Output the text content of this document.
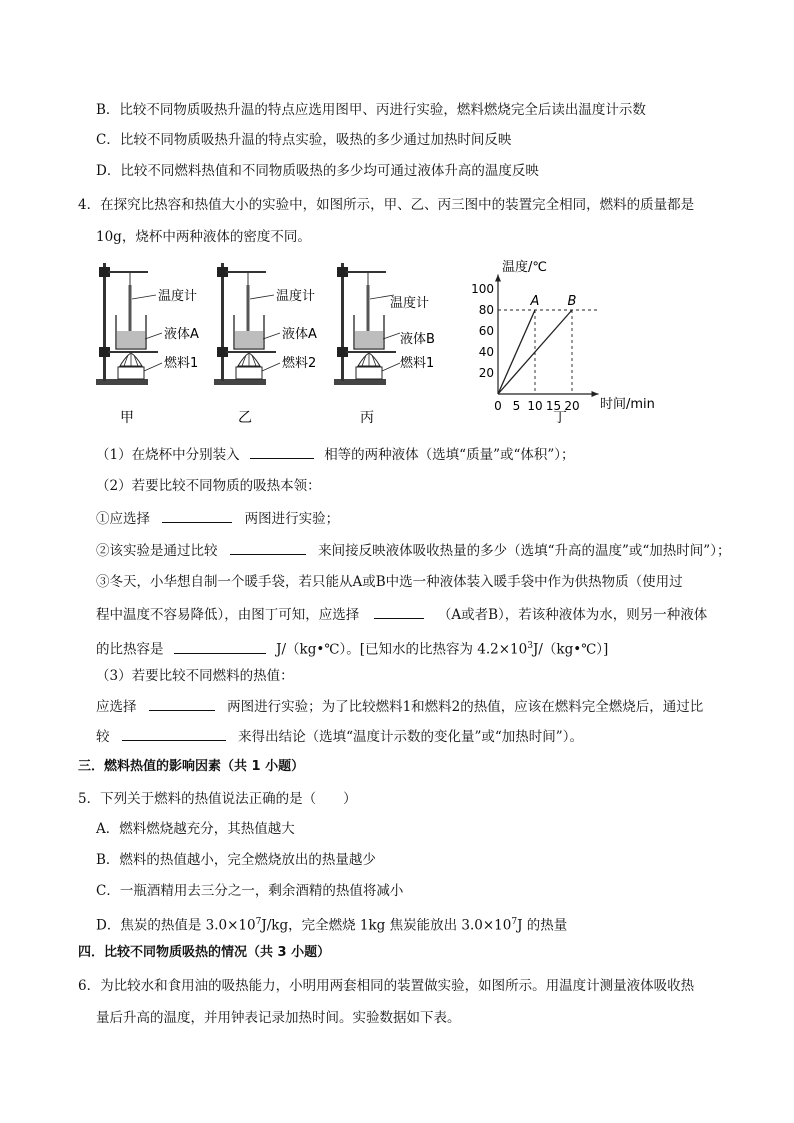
B．比较不同物质吸热升温的特点应选用图甲、丙进行实验，燃料燃烧完全后读出温度计示数
C．比较不同物质吸热升温的特点实验，吸热的多少通过加热时间反映
D．比较不同燃料热值和不同物质吸热的多少均可通过液体升高的温度反映
4．在探究比热容和热值大小的实验中，如图所示，甲、乙、丙三图中的装置完全相同，燃料的质量都是
10g，烧杯中两种液体的密度不同。
温度计
液体A
燃料1
甲
温度计
液体A
燃料2
乙
温度计
液体B
燃料1
丙
20
40
60
80
100
0 5 10 15 20
A B
温度/℃
时间/min
丁
（1）在烧杯中分别装入	相等的两种液体（选填“质量”或“体积”）；
（2）若要比较不同物质的吸热本领：
①应选择	两图进行实验；
②该实验是通过比较	来间接反映液体吸收热量的多少（选填“升高的温度”或“加热时间”）；
③冬天，小华想自制一个暖手袋，若只能从A或B中选一种液体装入暖手袋中作为供热物质（使用过
程中温度不容易降低），由图丁可知，应选择	（A或者B），若该种液体为水，则另一种液体
的比热容是	J/（kg•℃）。[已知水的比热容为 $4.2\times 10^3J/(kg•℃)$]
（3）若要比较不同燃料的热值：
应选择	两图进行实验；为了比较燃料1和燃料2的热值，应该在燃料完全燃烧后，通过比
较	来得出结论（选填“温度计示数的变化量”或“加热时间”）。
三．燃料热值的影响因素（共 1 小题）
5．下列关于燃料的热值说法正确的是（　　）
A．燃料燃烧越充分，其热值越大
B．燃料的热值越小，完全燃烧放出的热量越少
C．一瓶酒精用去三分之一，剩余酒精的热值将减小
D．焦炭的热值是 $3.0\times 10^7J/kg$，完全燃烧 1kg 焦炭能放出 $3.0\times 10^7J$ 的热量
四．比较不同物质吸热的情况（共 3 小题）
6．为比较水和食用油的吸热能力，小明用两套相同的装置做实验，如图所示。用温度计测量液体吸收热
量后升高的温度，并用钟表记录加热时间。实验数据如下表。
